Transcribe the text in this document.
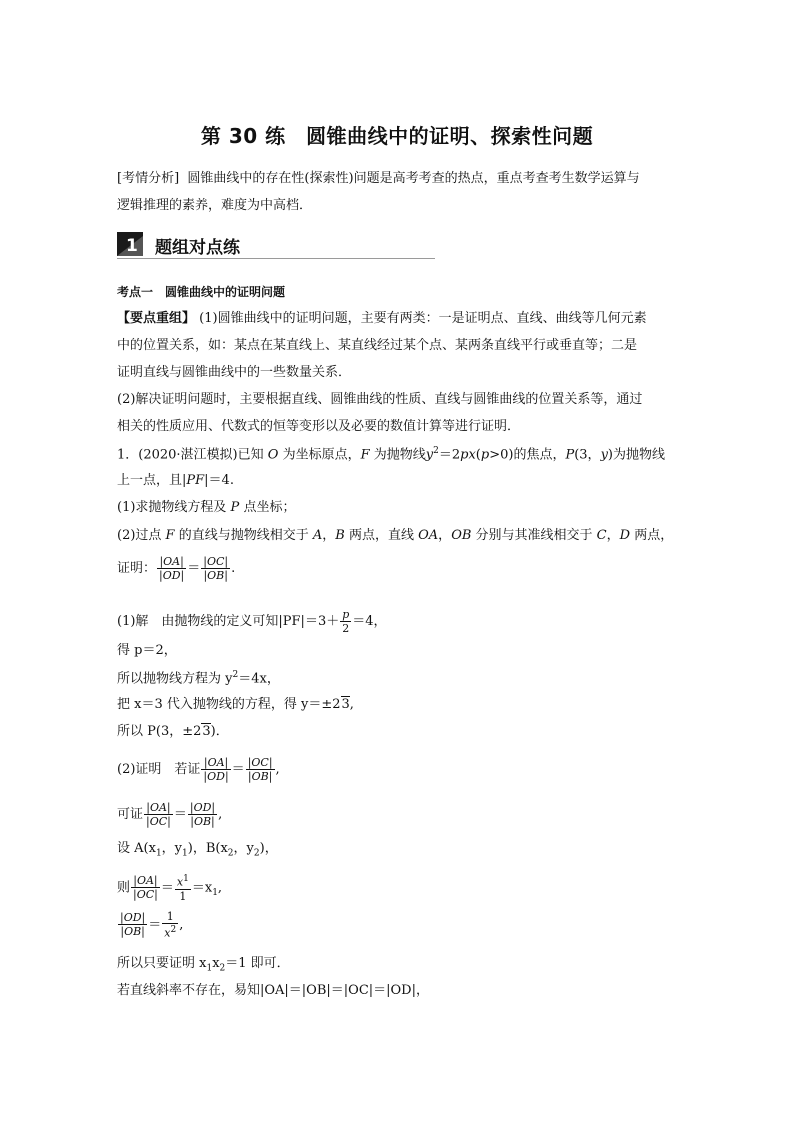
第 30 练　圆锥曲线中的证明、探索性问题
[考情分析] 圆锥曲线中的存在性(探索性)问题是高考考查的热点，重点考查考生数学运算与
逻辑推理的素养，难度为中高档．
1 题组对点练
考点一　圆锥曲线中的证明问题
【要点重组】 (1)圆锥曲线中的证明问题，主要有两类：一是证明点、直线、曲线等几何元素
中的位置关系，如：某点在某直线上、某直线经过某个点、某两条直线平行或垂直等；二是
证明直线与圆锥曲线中的一些数量关系．
(2)解决证明问题时，主要根据直线、圆锥曲线的性质、直线与圆锥曲线的位置关系等，通过
相关的性质应用、代数式的恒等变形以及必要的数值计算等进行证明．
1．(2020·湛江模拟)已知 O 为坐标原点，F 为抛物线$y^2=2px(p>0)$的焦点，P(3，y)为抛物线
上一点，且|PF|＝4.
(1)求抛物线方程及 P 点坐标；
(2)过点 F 的直线与抛物线相交于 A，B 两点，直线 OA，OB 分别与其准线相交于 C，D 两点，
证明： $\frac{|OA|}{|OD|} = \frac{|OC|}{|OB|}$ .
(1)解　由抛物线的定义可知$|PF|=3+ \frac{p}{2} =4$，
得 p＝2，
所以抛物线方程为 $y^2=4x$，
把 x＝3 代入抛物线的方程，得 y＝±23,
所以 P(3，±23)．
(2)证明　若证 $\frac{|OA|}{|OD|} = \frac{|OC|}{|OB|}$ ,
可证 $\frac{|OA|}{|OC|} = \frac{|OD|}{|OB|}$ ,
设 $A(x_1$，$y_1$)，$B(x_2$，$y_2$)，
则 $\frac{|OA|}{|OC|} = \frac{x^1}{1} =x_1$,
$\frac{|OD|}{|OB|} = \frac{1}{x^2}$ ,
所以只要证明 $x_1x_2=1$ 即可．
若直线斜率不存在，易知|OA|＝|OB|＝|OC|＝|OD|，
